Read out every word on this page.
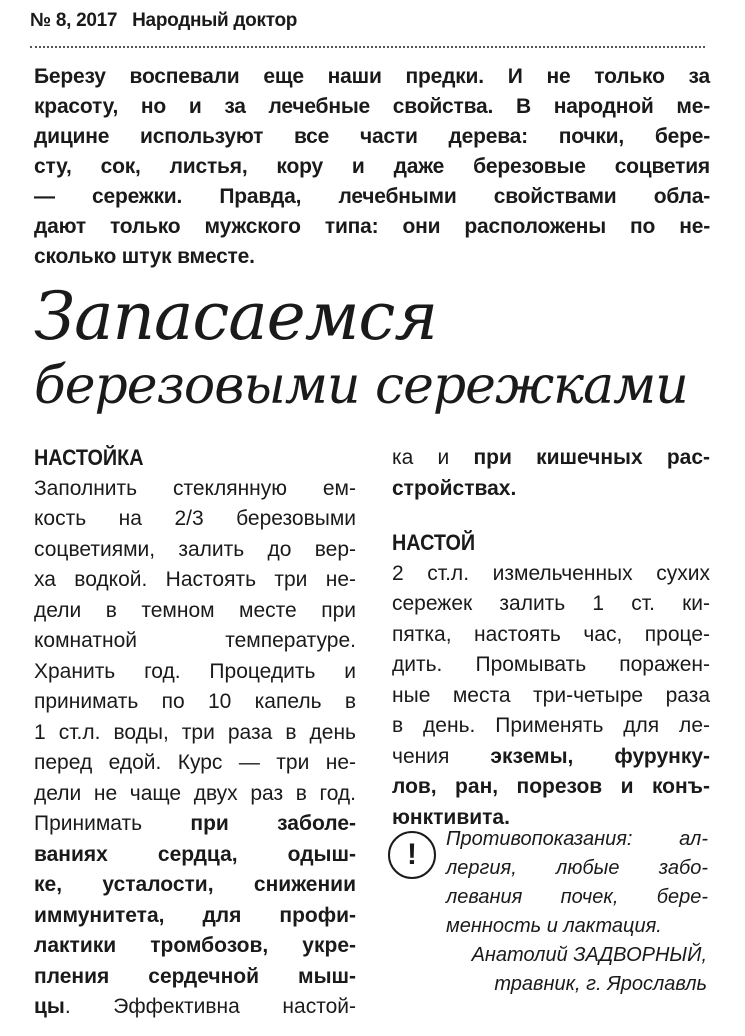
№ 8, 2017 Народный доктор
Березу воспевали еще наши предки. И не только за
красоту, но и за лечебные свойства. В народной ме-
дицине используют все части дерева: почки, бере-
сту, сок, листья, кору и даже березовые соцветия
— сережки. Правда, лечебными свойствами обла-
дают только мужского типа: они расположены по не-
сколько штук вместе.
Запасаемся
березовыми сережками
НАСТОЙКА
Заполнить стеклянную ем-
кость на 2/3 березовыми
соцветиями, залить до вер-
ха водкой. Настоять три не-
дели в темном месте при
комнатной температуре.
Хранить год. Процедить и
принимать по 10 капель в
1 ст.л. воды, три раза в день
перед едой. Курс — три не-
дели не чаще двух раз в год.
Принимать при заболе-
ваниях сердца, одыш-
ке, усталости, снижении
иммунитета, для профи-
лактики тромбозов, укре-
пления сердечной мыш-
цы. Эффективна настой-
ка и при кишечных рас-
стройствах.
НАСТОЙ
2 ст.л. измельченных сухих
сережек залить 1 ст. ки-
пятка, настоять час, проце-
дить. Промывать поражен-
ные места три-четыре раза
в день. Применять для ле-
чения экземы, фурунку-
лов, ран, порезов и конъ-
юнктивита.
!	Противопоказания: ал-
лергия, любые забо-
левания почек, бере-
менность и лактация.
Анатолий ЗАДВОРНЫЙ,
травник, г. Ярославль
